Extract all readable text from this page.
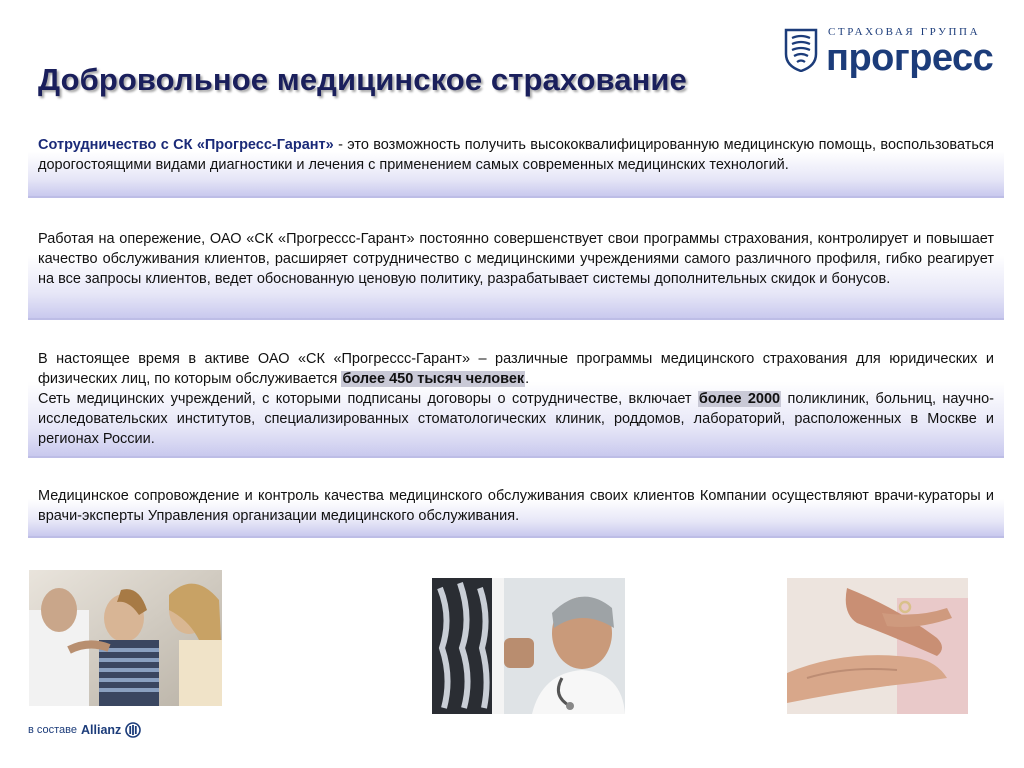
Добровольное медицинское страхование
СТРАХОВАЯ ГРУППА
прогресс

Сотрудничество с СК «Прогресс-Гарант» - это возможность получить высококвалифицированную медицинскую помощь, воспользоваться дорогостоящими видами диагностики и лечения с применением самых современных медицинских технологий.

Работая на опережение, ОАО «СК «Прогрессс-Гарант» постоянно совершенствует свои программы страхования, контролирует и повышает качество обслуживания клиентов, расширяет сотрудничество с медицинскими учреждениями самого различного профиля, гибко реагирует на все запросы клиентов, ведет обоснованную ценовую политику, разрабатывает системы дополнительных скидок и бонусов.

В настоящее время в активе ОАО «СК «Прогрессс-Гарант» – различные программы медицинского страхования для юридических и физических лиц, по которым обслуживается более 450 тысяч человек.

Сеть медицинских учреждений, с которыми подписаны договоры о сотрудничестве, включает более 2000 поликлиник, больниц, научно-исследовательских институтов, специализированных стоматологических клиник, роддомов, лабораторий, расположенных в Москве и регионах России.

Медицинское сопровождение и контроль качества медицинского обслуживания своих клиентов Компании осуществляют врачи-кураторы и врачи-эксперты Управления организации медицинского обслуживания.

в составе Allianz
